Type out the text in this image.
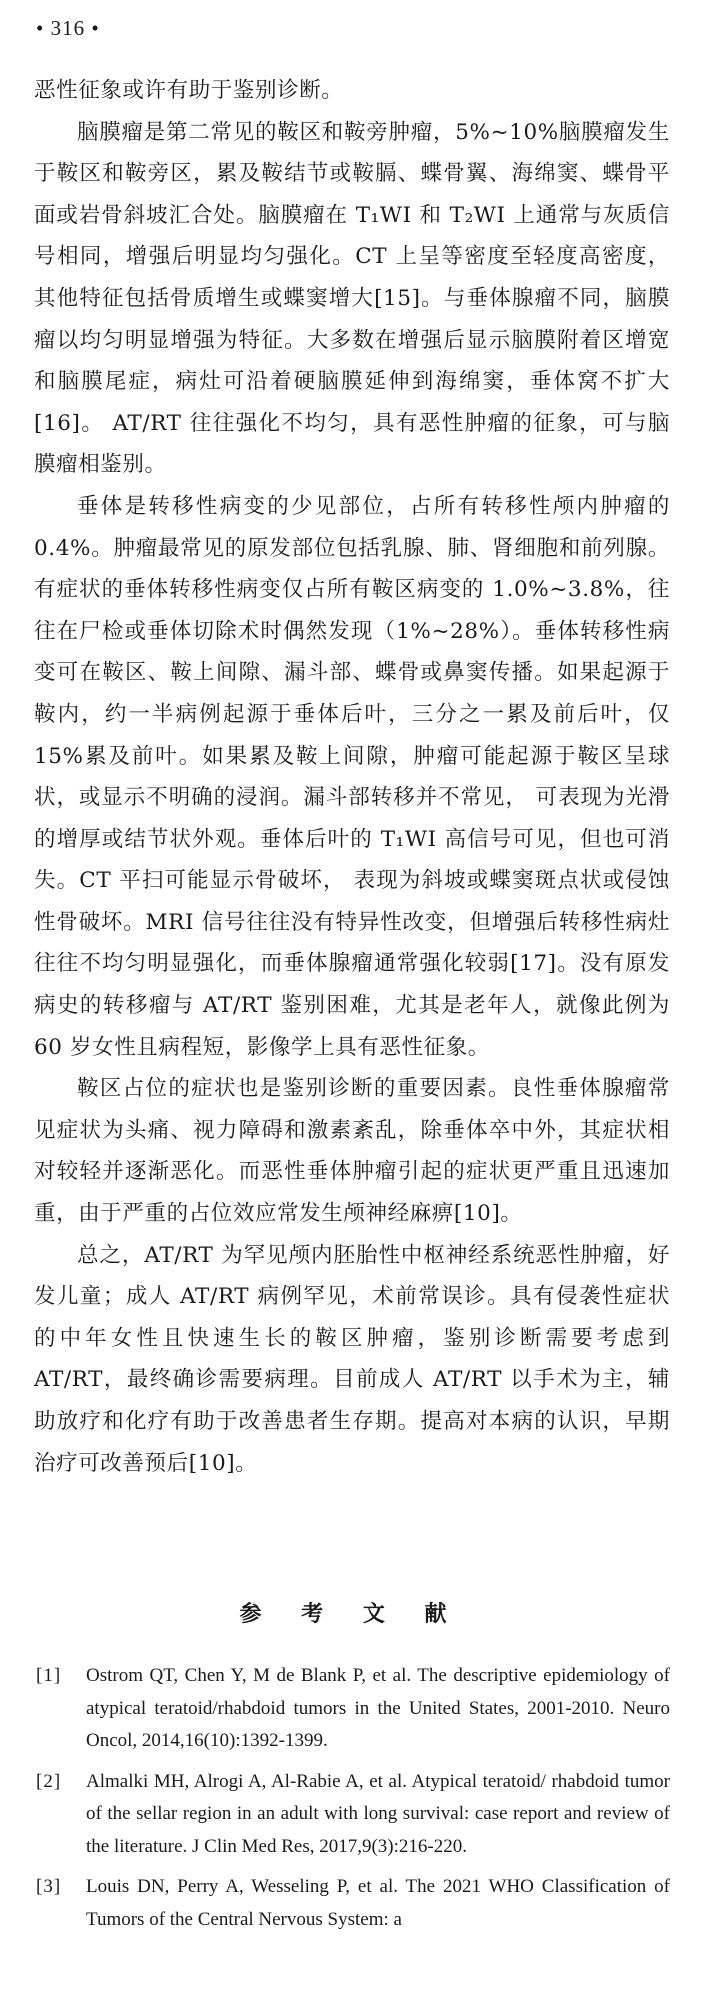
• 316 •

恶性征象或许有助于鉴别诊断。

脑膜瘤是第二常见的鞍区和鞍旁肿瘤，5%~10%脑膜瘤发生于鞍区和鞍旁区，累及鞍结节或鞍膈、蝶骨翼、海绵窦、蝶骨平面或岩骨斜坡汇合处。脑膜瘤在 T₁WI 和 T₂WI 上通常与灰质信号相同，增强后明显均匀强化。CT 上呈等密度至轻度高密度，其他特征包括骨质增生或蝶窦增大[15]。与垂体腺瘤不同，脑膜瘤以均匀明显增强为特征。大多数在增强后显示脑膜附着区增宽和脑膜尾症，病灶可沿着硬脑膜延伸到海绵窦，垂体窝不扩大[16]。 AT/RT 往往强化不均匀，具有恶性肿瘤的征象，可与脑膜瘤相鉴别。

垂体是转移性病变的少见部位，占所有转移性颅内肿瘤的 0.4%。肿瘤最常见的原发部位包括乳腺、肺、肾细胞和前列腺。有症状的垂体转移性病变仅占所有鞍区病变的 1.0%~3.8%，往往在尸检或垂体切除术时偶然发现（1%~28%）。垂体转移性病变可在鞍区、鞍上间隙、漏斗部、蝶骨或鼻窦传播。如果起源于鞍内，约一半病例起源于垂体后叶，三分之一累及前后叶，仅 15%累及前叶。如果累及鞍上间隙，肿瘤可能起源于鞍区呈球状，或显示不明确的浸润。漏斗部转移并不常见， 可表现为光滑的增厚或结节状外观。垂体后叶的 T₁WI 高信号可见，但也可消失。CT 平扫可能显示骨破坏， 表现为斜坡或蝶窦斑点状或侵蚀性骨破坏。MRI 信号往往没有特异性改变，但增强后转移性病灶往往不均匀明显强化，而垂体腺瘤通常强化较弱[17]。没有原发病史的转移瘤与 AT/RT 鉴别困难，尤其是老年人，就像此例为 60 岁女性且病程短，影像学上具有恶性征象。

鞍区占位的症状也是鉴别诊断的重要因素。良性垂体腺瘤常见症状为头痛、视力障碍和激素紊乱，除垂体卒中外，其症状相对较轻并逐渐恶化。而恶性垂体肿瘤引起的症状更严重且迅速加重，由于严重的占位效应常发生颅神经麻痹[10]。

总之，AT/RT 为罕见颅内胚胎性中枢神经系统恶性肿瘤，好发儿童；成人 AT/RT 病例罕见，术前常误诊。具有侵袭性症状的中年女性且快速生长的鞍区肿瘤，鉴别诊断需要考虑到 AT/RT，最终确诊需要病理。目前成人 AT/RT 以手术为主，辅助放疗和化疗有助于改善患者生存期。提高对本病的认识，早期治疗可改善预后[10]。

参 考 文 献
[1]	Ostrom QT, Chen Y, M de Blank P, et al. The descriptive epidemiology of atypical teratoid/rhabdoid tumors in the United States, 2001-2010. Neuro Oncol, 2014,16(10):1392-1399.
[2]	Almalki MH, Alrogi A, Al-Rabie A, et al. Atypical teratoid/ rhabdoid tumor of the sellar region in an adult with long survival: case report and review of the literature. J Clin Med Res, 2017,9(3):216-220.
[3]	Louis DN, Perry A, Wesseling P, et al. The 2021 WHO Classification of Tumors of the Central Nervous System: a
